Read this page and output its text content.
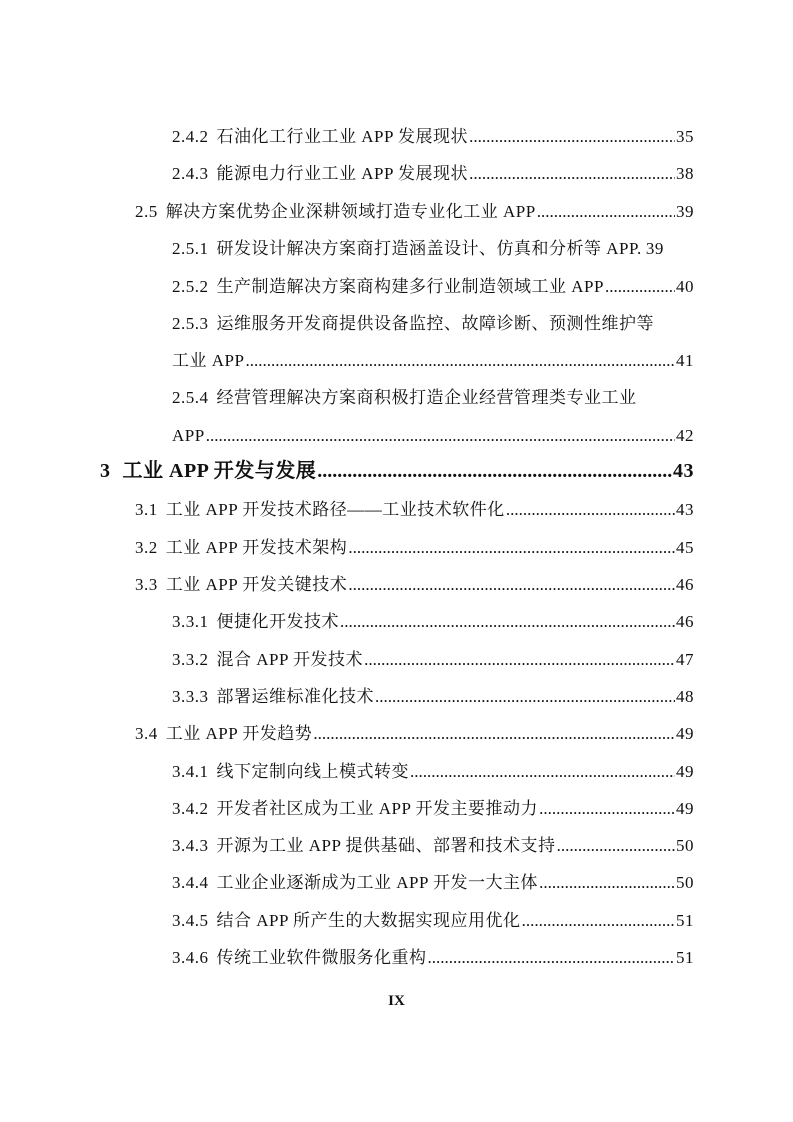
2.4.2 石油化工行业工业 APP 发展现状 .....	35
2.4.3 能源电力行业工业 APP 发展现状 .....	38
2.5 解决方案优势企业深耕领域打造专业化工业 APP .....	39
2.5.1 研发设计解决方案商打造涵盖设计、仿真和分析等 APP. 39
2.5.2 生产制造解决方案商构建多行业制造领域工业 APP .....	40
2.5.3 运维服务开发商提供设备监控、故障诊断、预测性维护等
工业 APP .....	41
2.5.4 经营管理解决方案商积极打造企业经营管理类专业工业
APP .....	42
3 工业 APP 开发与发展 .....	43
3.1 工业 APP 开发技术路径——工业技术软件化 .....	43
3.2 工业 APP 开发技术架构 .....	45
3.3 工业 APP 开发关键技术 .....	46
3.3.1 便捷化开发技术 .....	46
3.3.2 混合 APP 开发技术 .....	47
3.3.3 部署运维标准化技术 .....	48
3.4 工业 APP 开发趋势 .....	49
3.4.1 线下定制向线上模式转变 .....	49
3.4.2 开发者社区成为工业 APP 开发主要推动力 .....	49
3.4.3 开源为工业 APP 提供基础、部署和技术支持 .....	50
3.4.4 工业企业逐渐成为工业 APP 开发一大主体 .....	50
3.4.5 结合 APP 所产生的大数据实现应用优化 .....	51
3.4.6 传统工业软件微服务化重构 .....	51
IX
